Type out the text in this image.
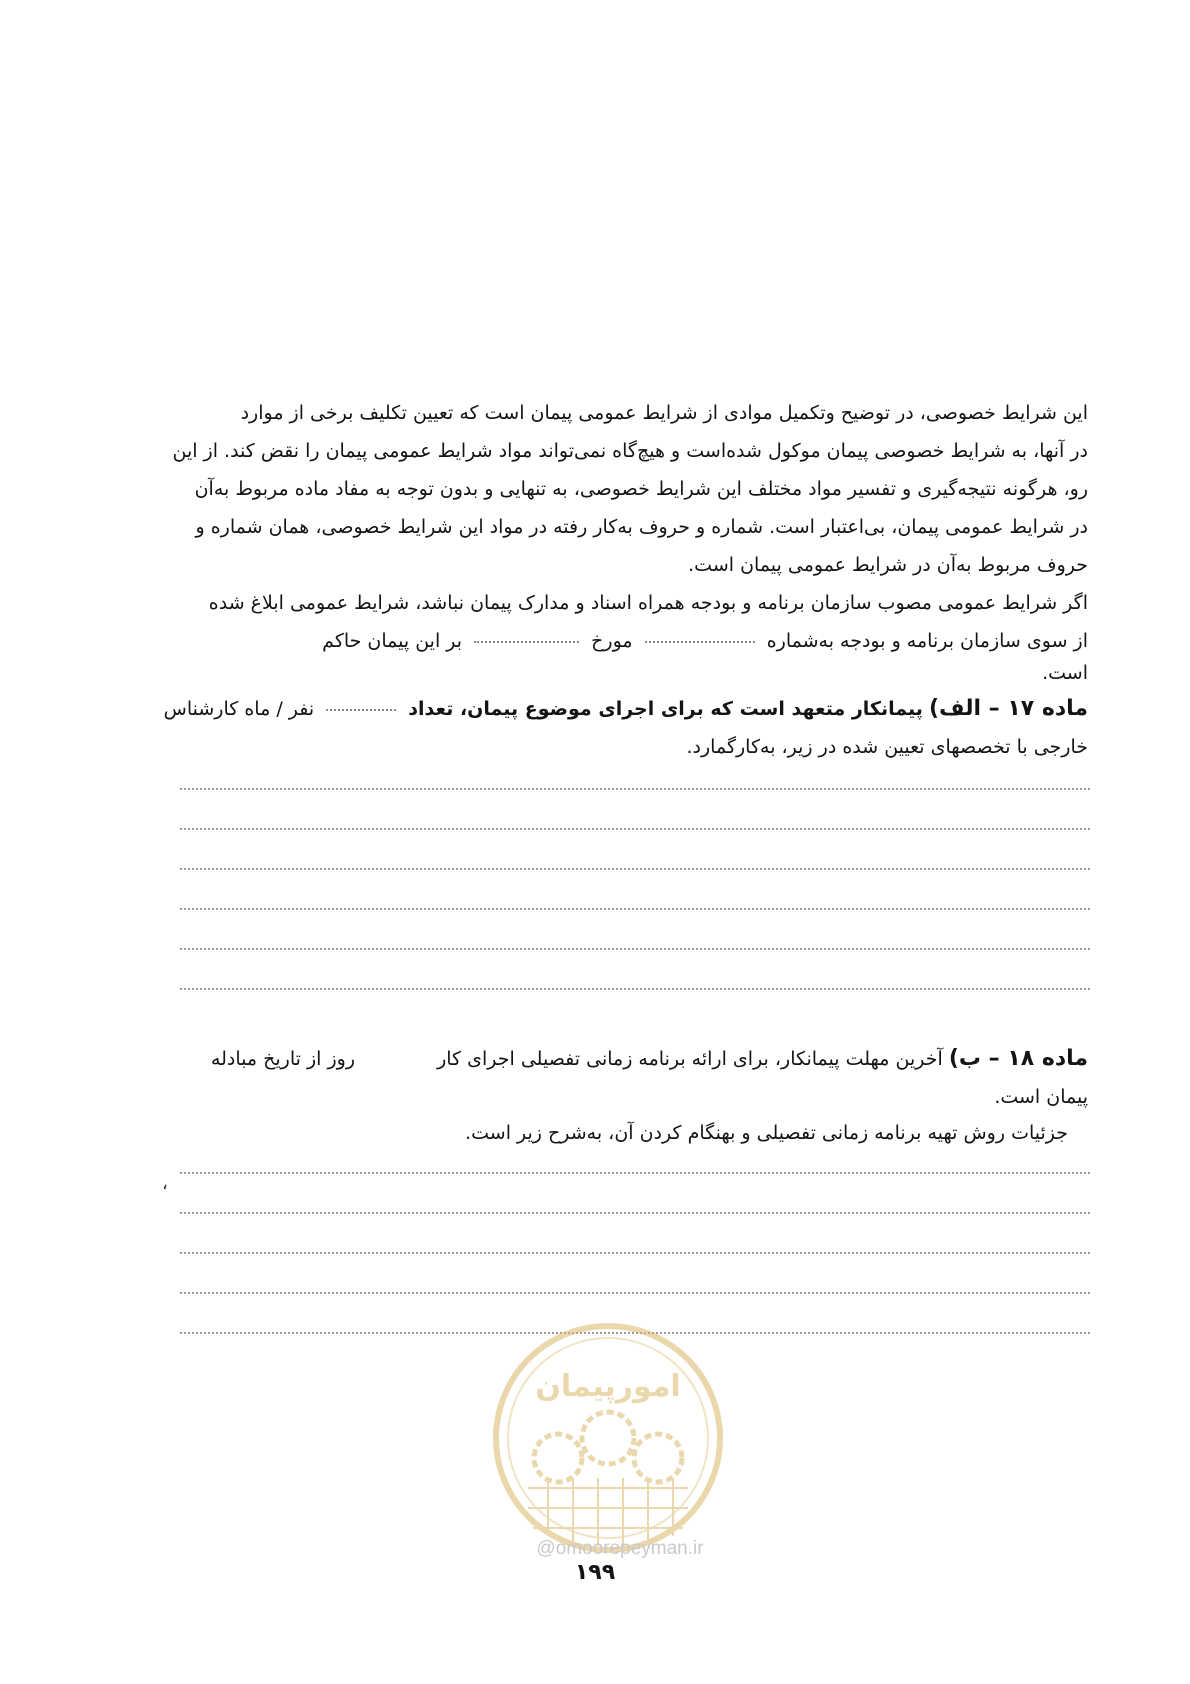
این شرایط خصوصی، در توضیح وتکمیل موادی از شرایط عمومی پیمان است که تعیین تکلیف برخی از موارد
در آنها، به شرایط خصوصی پیمان موکول شده‌است و هیچ‌گاه نمی‌تواند مواد شرایط عمومی پیمان را نقض کند. از این
رو، هرگونه نتیجه‌گیری و تفسیر مواد مختلف این شرایط خصوصی، به تنهایی و بدون توجه به مفاد ماده مربوط به‌آن
در شرایط عمومی پیمان، بی‌اعتبار است. شماره و حروف به‌کار رفته در مواد این شرایط خصوصی، همان شماره و
حروف مربوط به‌آن در شرایط عمومی پیمان است.
اگر شرایط عمومی مصوب سازمان برنامه و بودجه همراه اسناد و مدارک پیمان نباشد، شرایط عمومی ابلاغ شده
از سوی سازمان برنامه و بودجه به‌شماره  مورخ  بر این پیمان حاکم
است.
ماده ۱۷ – الف) پیمانکار متعهد است که برای اجرای موضوع پیمان، تعداد  نفر / ماه کارشناس
خارجی با تخصصهای تعیین شده در زیر، به‌کارگمارد.
ماده ۱۸ – ب) آخرین مهلت پیمانکار، برای ارائه برنامه زمانی تفصیلی اجرای کار  روز از تاریخ مبادله
پیمان است.
،
جزئیات روش تهیه برنامه زمانی تفصیلی و بهنگام کردن آن، به‌شرح زیر است.
امورپیمان
@omoorepeyman.ir
۱۹۹
